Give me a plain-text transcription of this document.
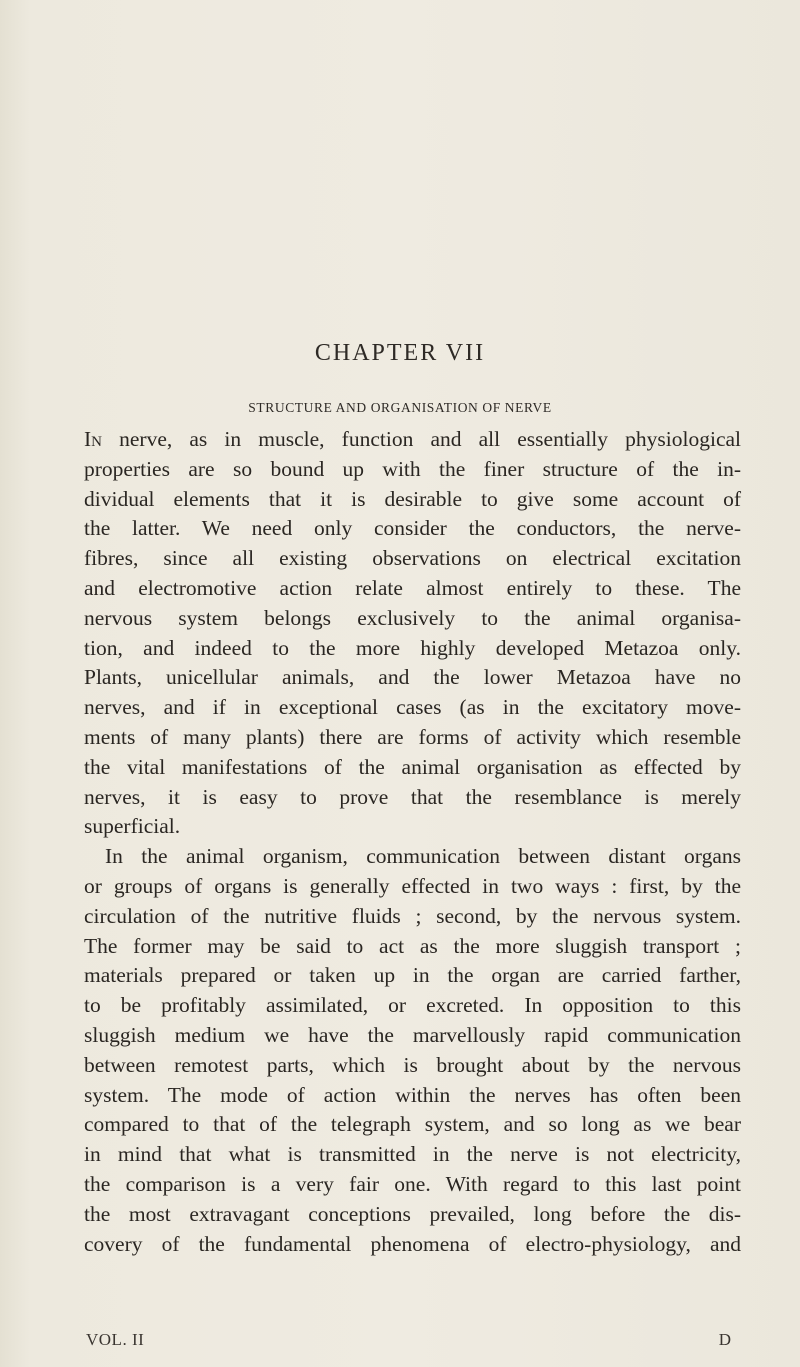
CHAPTER VII
STRUCTURE AND ORGANISATION OF NERVE
In nerve, as in muscle, function and all essentially physiological
properties are so bound up with the finer structure of the in-
dividual elements that it is desirable to give some account of
the latter. We need only consider the conductors, the nerve-
fibres, since all existing observations on electrical excitation
and electromotive action relate almost entirely to these. The
nervous system belongs exclusively to the animal organisa-
tion, and indeed to the more highly developed Metazoa only.
Plants, unicellular animals, and the lower Metazoa have no
nerves, and if in exceptional cases (as in the excitatory move-
ments of many plants) there are forms of activity which resemble
the vital manifestations of the animal organisation as effected by
nerves, it is easy to prove that the resemblance is merely
superficial.
In the animal organism, communication between distant organs
or groups of organs is generally effected in two ways : first, by the
circulation of the nutritive fluids ; second, by the nervous system.
The former may be said to act as the more sluggish transport ;
materials prepared or taken up in the organ are carried farther,
to be profitably assimilated, or excreted. In opposition to this
sluggish medium we have the marvellously rapid communication
between remotest parts, which is brought about by the nervous
system. The mode of action within the nerves has often been
compared to that of the telegraph system, and so long as we bear
in mind that what is transmitted in the nerve is not electricity,
the comparison is a very fair one. With regard to this last point
the most extravagant conceptions prevailed, long before the dis-
covery of the fundamental phenomena of electro-physiology, and
VOL. II	D
